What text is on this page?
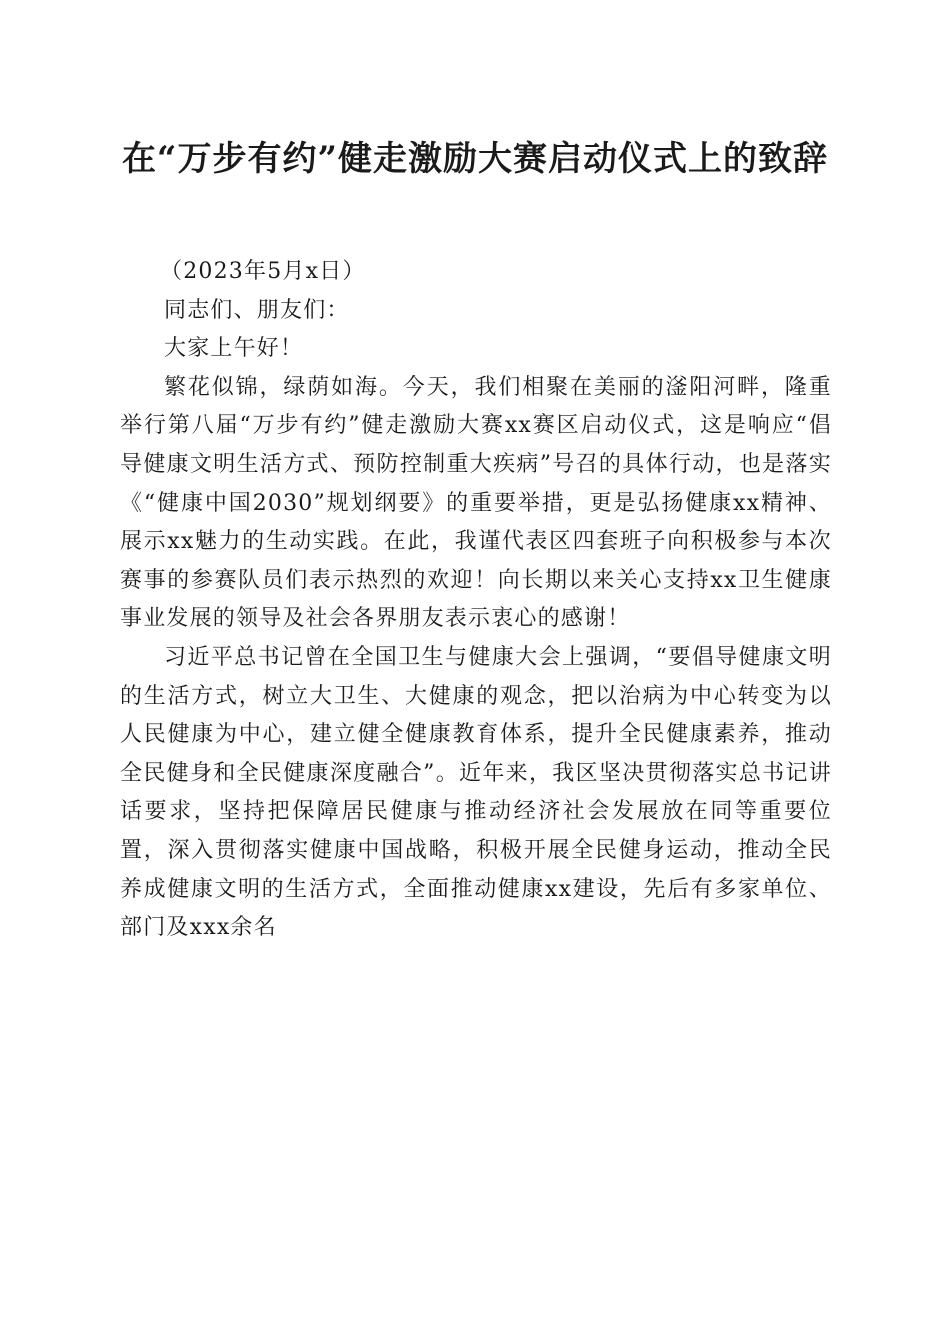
在“万步有约”健走激励大赛启动仪式上的致辞

（2023年5月x日）

同志们、朋友们：

大家上午好！

繁花似锦，绿荫如海。今天，我们相聚在美丽的滏阳河畔，隆重举行第八届“万步有约”健走激励大赛xx赛区启动仪式，这是响应“倡导健康文明生活方式、预防控制重大疾病”号召的具体行动，也是落实《“健康中国2030”规划纲要》的重要举措，更是弘扬健康xx精神、展示xx魅力的生动实践。在此，我谨代表区四套班子向积极参与本次赛事的参赛队员们表示热烈的欢迎！向长期以来关心支持xx卫生健康事业发展的领导及社会各界朋友表示衷心的感谢！

习近平总书记曾在全国卫生与健康大会上强调，“要倡导健康文明的生活方式，树立大卫生、大健康的观念，把以治病为中心转变为以人民健康为中心，建立健全健康教育体系，提升全民健康素养，推动全民健身和全民健康深度融合”。近年来，我区坚决贯彻落实总书记讲话要求，坚持把保障居民健康与推动经济社会发展放在同等重要位置，深入贯彻落实健康中国战略，积极开展全民健身运动，推动全民养成健康文明的生活方式，全面推动健康xx建设，先后有多家单位、部门及xxx余名
